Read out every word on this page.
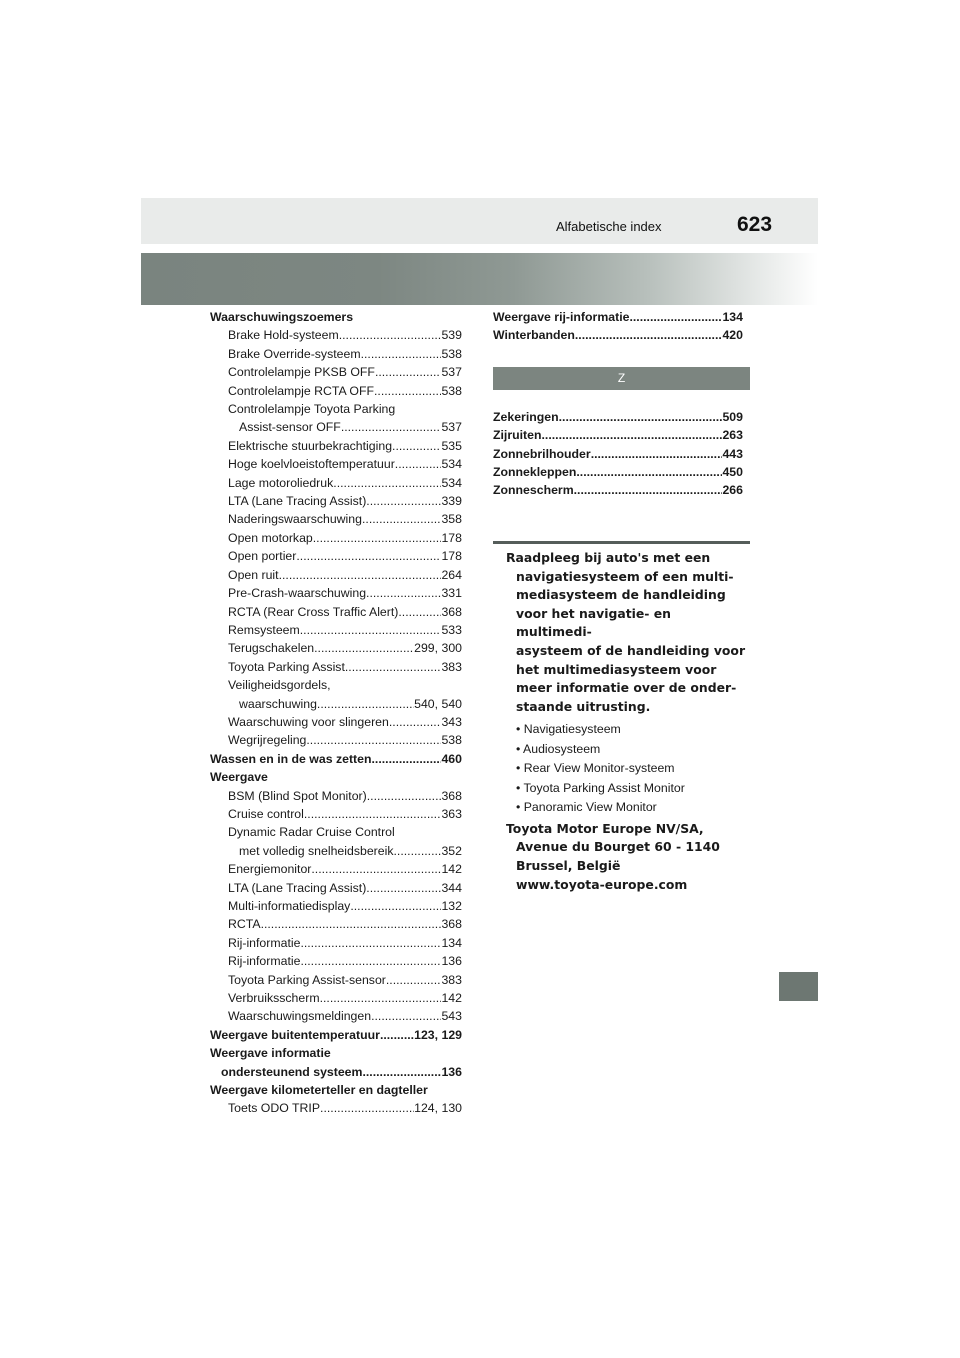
Alfabetische index	623
Waarschuwingszoemers
Brake Hold-systeem .....	539
Brake Override-systeem .....	538
Controlelampje PKSB OFF .....	537
Controlelampje RCTA OFF .....	538
Controlelampje Toyota Parking
Assist-sensor OFF .....	537
Elektrische stuurbekrachtiging .....	535
Hoge koelvloeistoftemperatuur .....	534
Lage motoroliedruk .....	534
LTA (Lane Tracing Assist) .....	339
Naderingswaarschuwing .....	358
Open motorkap .....	178
Open portier .....	178
Open ruit .....	264
Pre-Crash-waarschuwing .....	331
RCTA (Rear Cross Traffic Alert) .....	368
Remsysteem .....	533
Terugschakelen .....	299, 300
Toyota Parking Assist .....	383
Veiligheidsgordels,
waarschuwing .....	540, 540
Waarschuwing voor slingeren .....	343
Wegrijregeling .....	538
Wassen en in de was zetten .....	460
Weergave
BSM (Blind Spot Monitor) .....	368
Cruise control .....	363
Dynamic Radar Cruise Control
met volledig snelheidsbereik .....	352
Energiemonitor .....	142
LTA (Lane Tracing Assist) .....	344
Multi-informatiedisplay .....	132
RCTA .....	368
Rij-informatie .....	134
Rij-informatie .....	136
Toyota Parking Assist-sensor .....	383
Verbruiksscherm .....	142
Waarschuwingsmeldingen .....	543
Weergave buitentemperatuur .....	123, 129
Weergave informatie
ondersteunend systeem .....	136
Weergave kilometerteller en dagteller
Toets ODO TRIP .....	124, 130
Weergave rij-informatie .....	134
Winterbanden .....	420
Z
Zekeringen .....	509
Zijruiten .....	263
Zonnebrilhouder .....	443
Zonnekleppen .....	450
Zonnescherm .....	266
Raadpleeg bij auto's met een
navigatiesysteem of een multi-
mediasysteem de handleiding
voor het navigatie- en multimedi-
asysteem of de handleiding voor
het multimediasysteem voor
meer informatie over de onder-
staande uitrusting.
• Navigatiesysteem
• Audiosysteem
• Rear View Monitor-systeem
• Toyota Parking Assist Monitor
• Panoramic View Monitor
Toyota Motor Europe NV/SA,
Avenue du Bourget 60 - 1140
Brussel, België
www.toyota-europe.com
